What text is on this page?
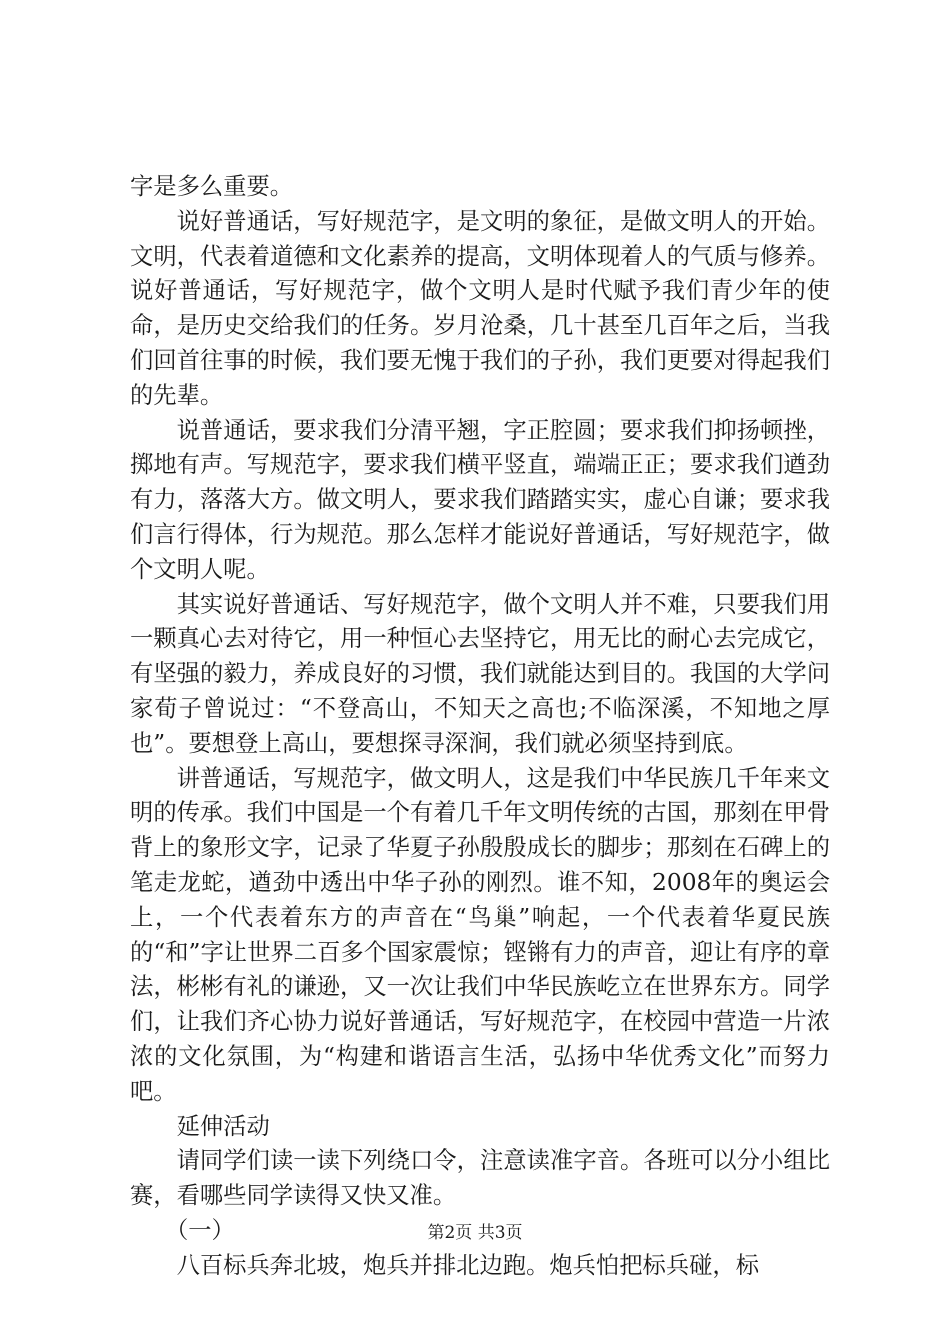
字是多么重要。

说好普通话，写好规范字，是文明的象征，是做文明人的开始。文明，代表着道德和文化素养的提高，文明体现着人的气质与修养。说好普通话，写好规范字，做个文明人是时代赋予我们青少年的使命，是历史交给我们的任务。岁月沧桑，几十甚至几百年之后，当我们回首往事的时候，我们要无愧于我们的子孙，我们更要对得起我们的先辈。

说普通话，要求我们分清平翘，字正腔圆；要求我们抑扬顿挫，掷地有声。写规范字，要求我们横平竖直，端端正正；要求我们遒劲有力，落落大方。做文明人，要求我们踏踏实实，虚心自谦；要求我们言行得体，行为规范。那么怎样才能说好普通话，写好规范字，做个文明人呢。

其实说好普通话、写好规范字，做个文明人并不难，只要我们用一颗真心去对待它，用一种恒心去坚持它，用无比的耐心去完成它，有坚强的毅力，养成良好的习惯，我们就能达到目的。我国的大学问家荀子曾说过：“不登高山，不知天之高也;不临深溪，不知地之厚也”。要想登上高山，要想探寻深涧，我们就必须坚持到底。

讲普通话，写规范字，做文明人，这是我们中华民族几千年来文明的传承。我们中国是一个有着几千年文明传统的古国，那刻在甲骨背上的象形文字，记录了华夏子孙殷殷成长的脚步；那刻在石碑上的笔走龙蛇，遒劲中透出中华子孙的刚烈。谁不知，2008年的奥运会上，一个代表着东方的声音在“鸟巢”响起，一个代表着华夏民族的“和”字让世界二百多个国家震惊；铿锵有力的声音，迎让有序的章法，彬彬有礼的谦逊，又一次让我们中华民族屹立在世界东方。同学们，让我们齐心协力说好普通话，写好规范字，在校园中营造一片浓浓的文化氛围，为“构建和谐语言生活，弘扬中华优秀文化”而努力吧。

延伸活动

请同学们读一读下列绕口令，注意读准字音。各班可以分小组比赛，看哪些同学读得又快又准。

（一）

八百标兵奔北坡，炮兵并排北边跑。炮兵怕把标兵碰，标

第2页 共3页
